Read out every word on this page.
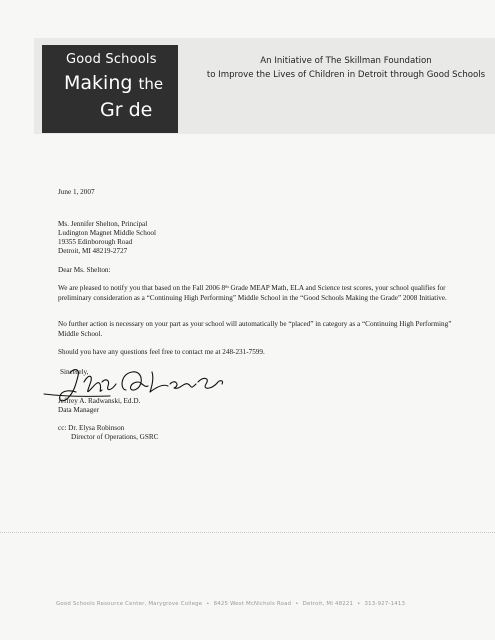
Good Schools
Making the
Gr de
An Initiative of The Skillman Foundation
to Improve the Lives of Children in Detroit through Good Schools
June 1, 2007
Ms. Jennifer Shelton, Principal
Ludington Magnet Middle School
19355 Edinborough Road
Detroit, MI 48219-2727
Dear Ms. Shelton:
We are pleased to notify you that based on the Fall 2006 8th Grade MEAP Math, ELA and Science test scores, your school qualifies for preliminary consideration as a “Continuing High Performing” Middle School in the “Good Schools Making the Grade” 2008 Initiative.
No further action is necessary on your part as your school will automatically be “placed” in category as a “Continuing High Performing” Middle School.
Should you have any questions feel free to contact me at 248-231-7599.
Sincerely,
Jeffrey A. Radwanski, Ed.D.
Data Manager
cc: Dr. Elysa Robinson
Director of Operations, GSRC
Good Schools Resource Center, Marygrove College • 8425 West McNichols Road • Detroit, MI 48221 • 313-927-1413
